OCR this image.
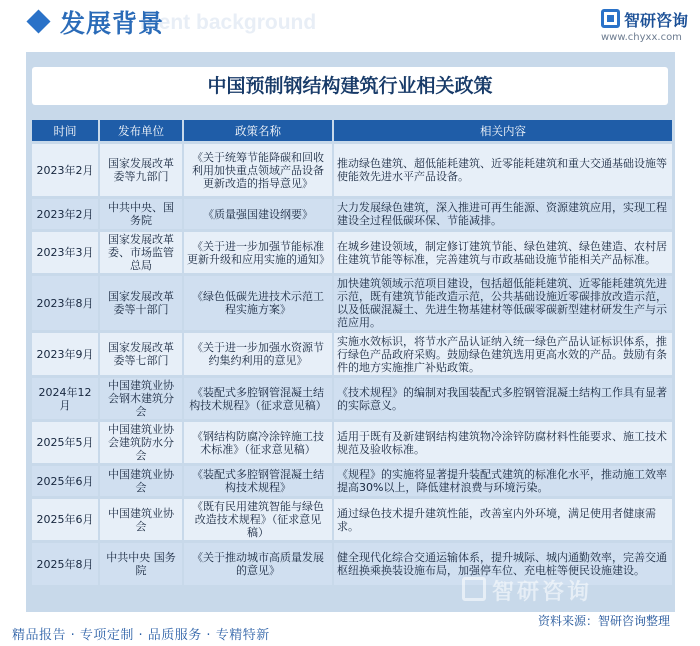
ment background
发展背景	智研咨询
www.chyxx.com
中国预制钢结构建筑行业相关政策
时间	发布单位	政策名称	相关内容
2023年2月	国家发展改革委等九部门	《关于统筹节能降碳和回收利用加快重点领域产品设备更新改造的指导意见》	推动绿色建筑、超低能耗建筑、近零能耗建筑和重大交通基础设施等使能效先进水平产品设备。
2023年2月	中共中央、国务院	《质量强国建设纲要》	大力发展绿色建筑，深入推进可再生能源、资源建筑应用，实现工程建设全过程低碳环保、节能减排。
2023年3月	国家发展改革委、市场监管总局	《关于进一步加强节能标准更新升级和应用实施的通知》	在城乡建设领域，制定修订建筑节能、绿色建筑、绿色建造、农村居住建筑节能等标准，完善建筑与市政基础设施节能相关产品标准。
2023年8月	国家发展改革委等十部门	《绿色低碳先进技术示范工程实施方案》	加快建筑领域示范项目建设，包括超低能耗建筑、近零能耗建筑先进示范，既有建筑节能改造示范，公共基础设施近零碳排放改造示范，以及低碳混凝土、先进生物基建材等低碳零碳新型建材研发生产与示范应用。
2023年9月	国家发展改革委等七部门	《关于进一步加强水资源节约集约利用的意见》	实施水效标识，将节水产品认证纳入统一绿色产品认证标识体系，推行绿色产品政府采购。鼓励绿色建筑选用更高水效的产品。鼓励有条件的地方实施推广补贴政策。
2024年12月	中国建筑业协会钢木建筑分会	《装配式多腔钢管混凝土结构技术规程》（征求意见稿）	《技术规程》的编制对我国装配式多腔钢管混凝土结构工作具有显著的实际意义。
2025年5月	中国建筑业协会建筑防水分会	《钢结构防腐冷涂锌施工技术标准》（征求意见稿）	适用于既有及新建钢结构建筑物冷涂锌防腐材料性能要求、施工技术规范及验收标准。
2025年6月	中国建筑业协会	《装配式多腔钢管混凝土结构技术规程》	《规程》的实施将显著提升装配式建筑的标准化水平，推动施工效率提高30%以上，降低建材浪费与环境污染。
2025年6月	中国建筑业协会	《既有民用建筑智能与绿色改造技术规程》（征求意见稿）	通过绿色技术提升建筑性能，改善室内外环境，满足使用者健康需求。
2025年8月	中共中央 国务院	《关于推动城市高质量发展的意见》	健全现代化综合交通运输体系，提升城际、城内通勤效率，完善交通枢纽换乘换装设施布局，加强停车位、充电桩等便民设施建设。
智研咨询
资料来源：智研咨询整理
精品报告 · 专项定制 · 品质服务 · 专精特新
